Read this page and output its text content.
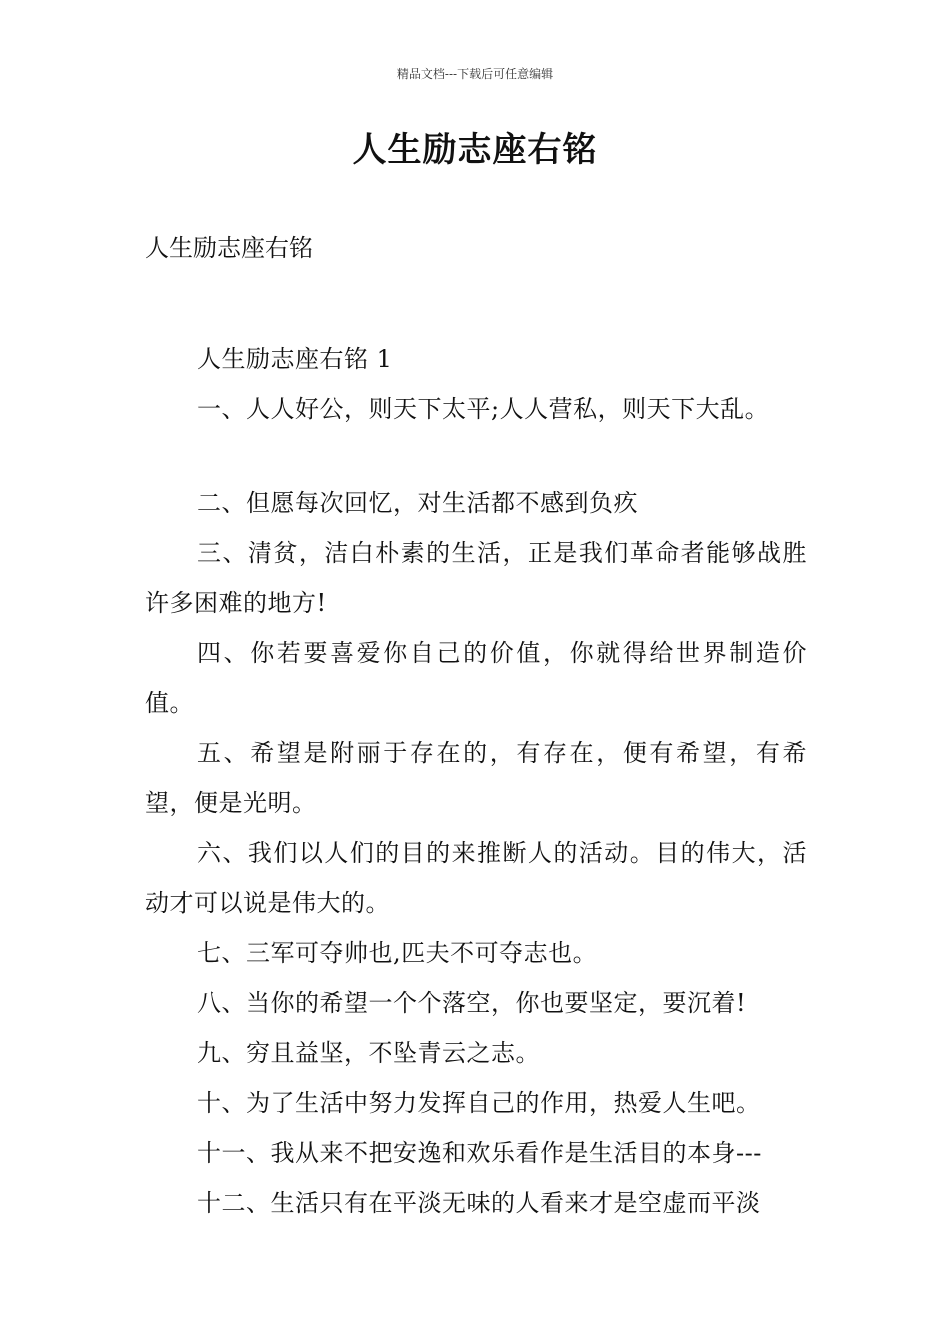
精品文档---下载后可任意编辑
人生励志座右铭
人生励志座右铭

人生励志座右铭 1

一、人人好公，则天下太平;人人营私，则天下大乱。

二、但愿每次回忆，对生活都不感到负疚

三、清贫，洁白朴素的生活，正是我们革命者能够战胜许多困难的地方!

四、你若要喜爱你自己的价值，你就得给世界制造价值。

五、希望是附丽于存在的，有存在，便有希望，有希望，便是光明。

六、我们以人们的目的来推断人的活动。目的伟大，活动才可以说是伟大的。

七、三军可夺帅也,匹夫不可夺志也。

八、当你的希望一个个落空，你也要坚定，要沉着!

九、穷且益坚，不坠青云之志。

十、为了生活中努力发挥自己的作用，热爱人生吧。

十一、我从来不把安逸和欢乐看作是生活目的本身---

十二、生活只有在平淡无味的人看来才是空虚而平淡
